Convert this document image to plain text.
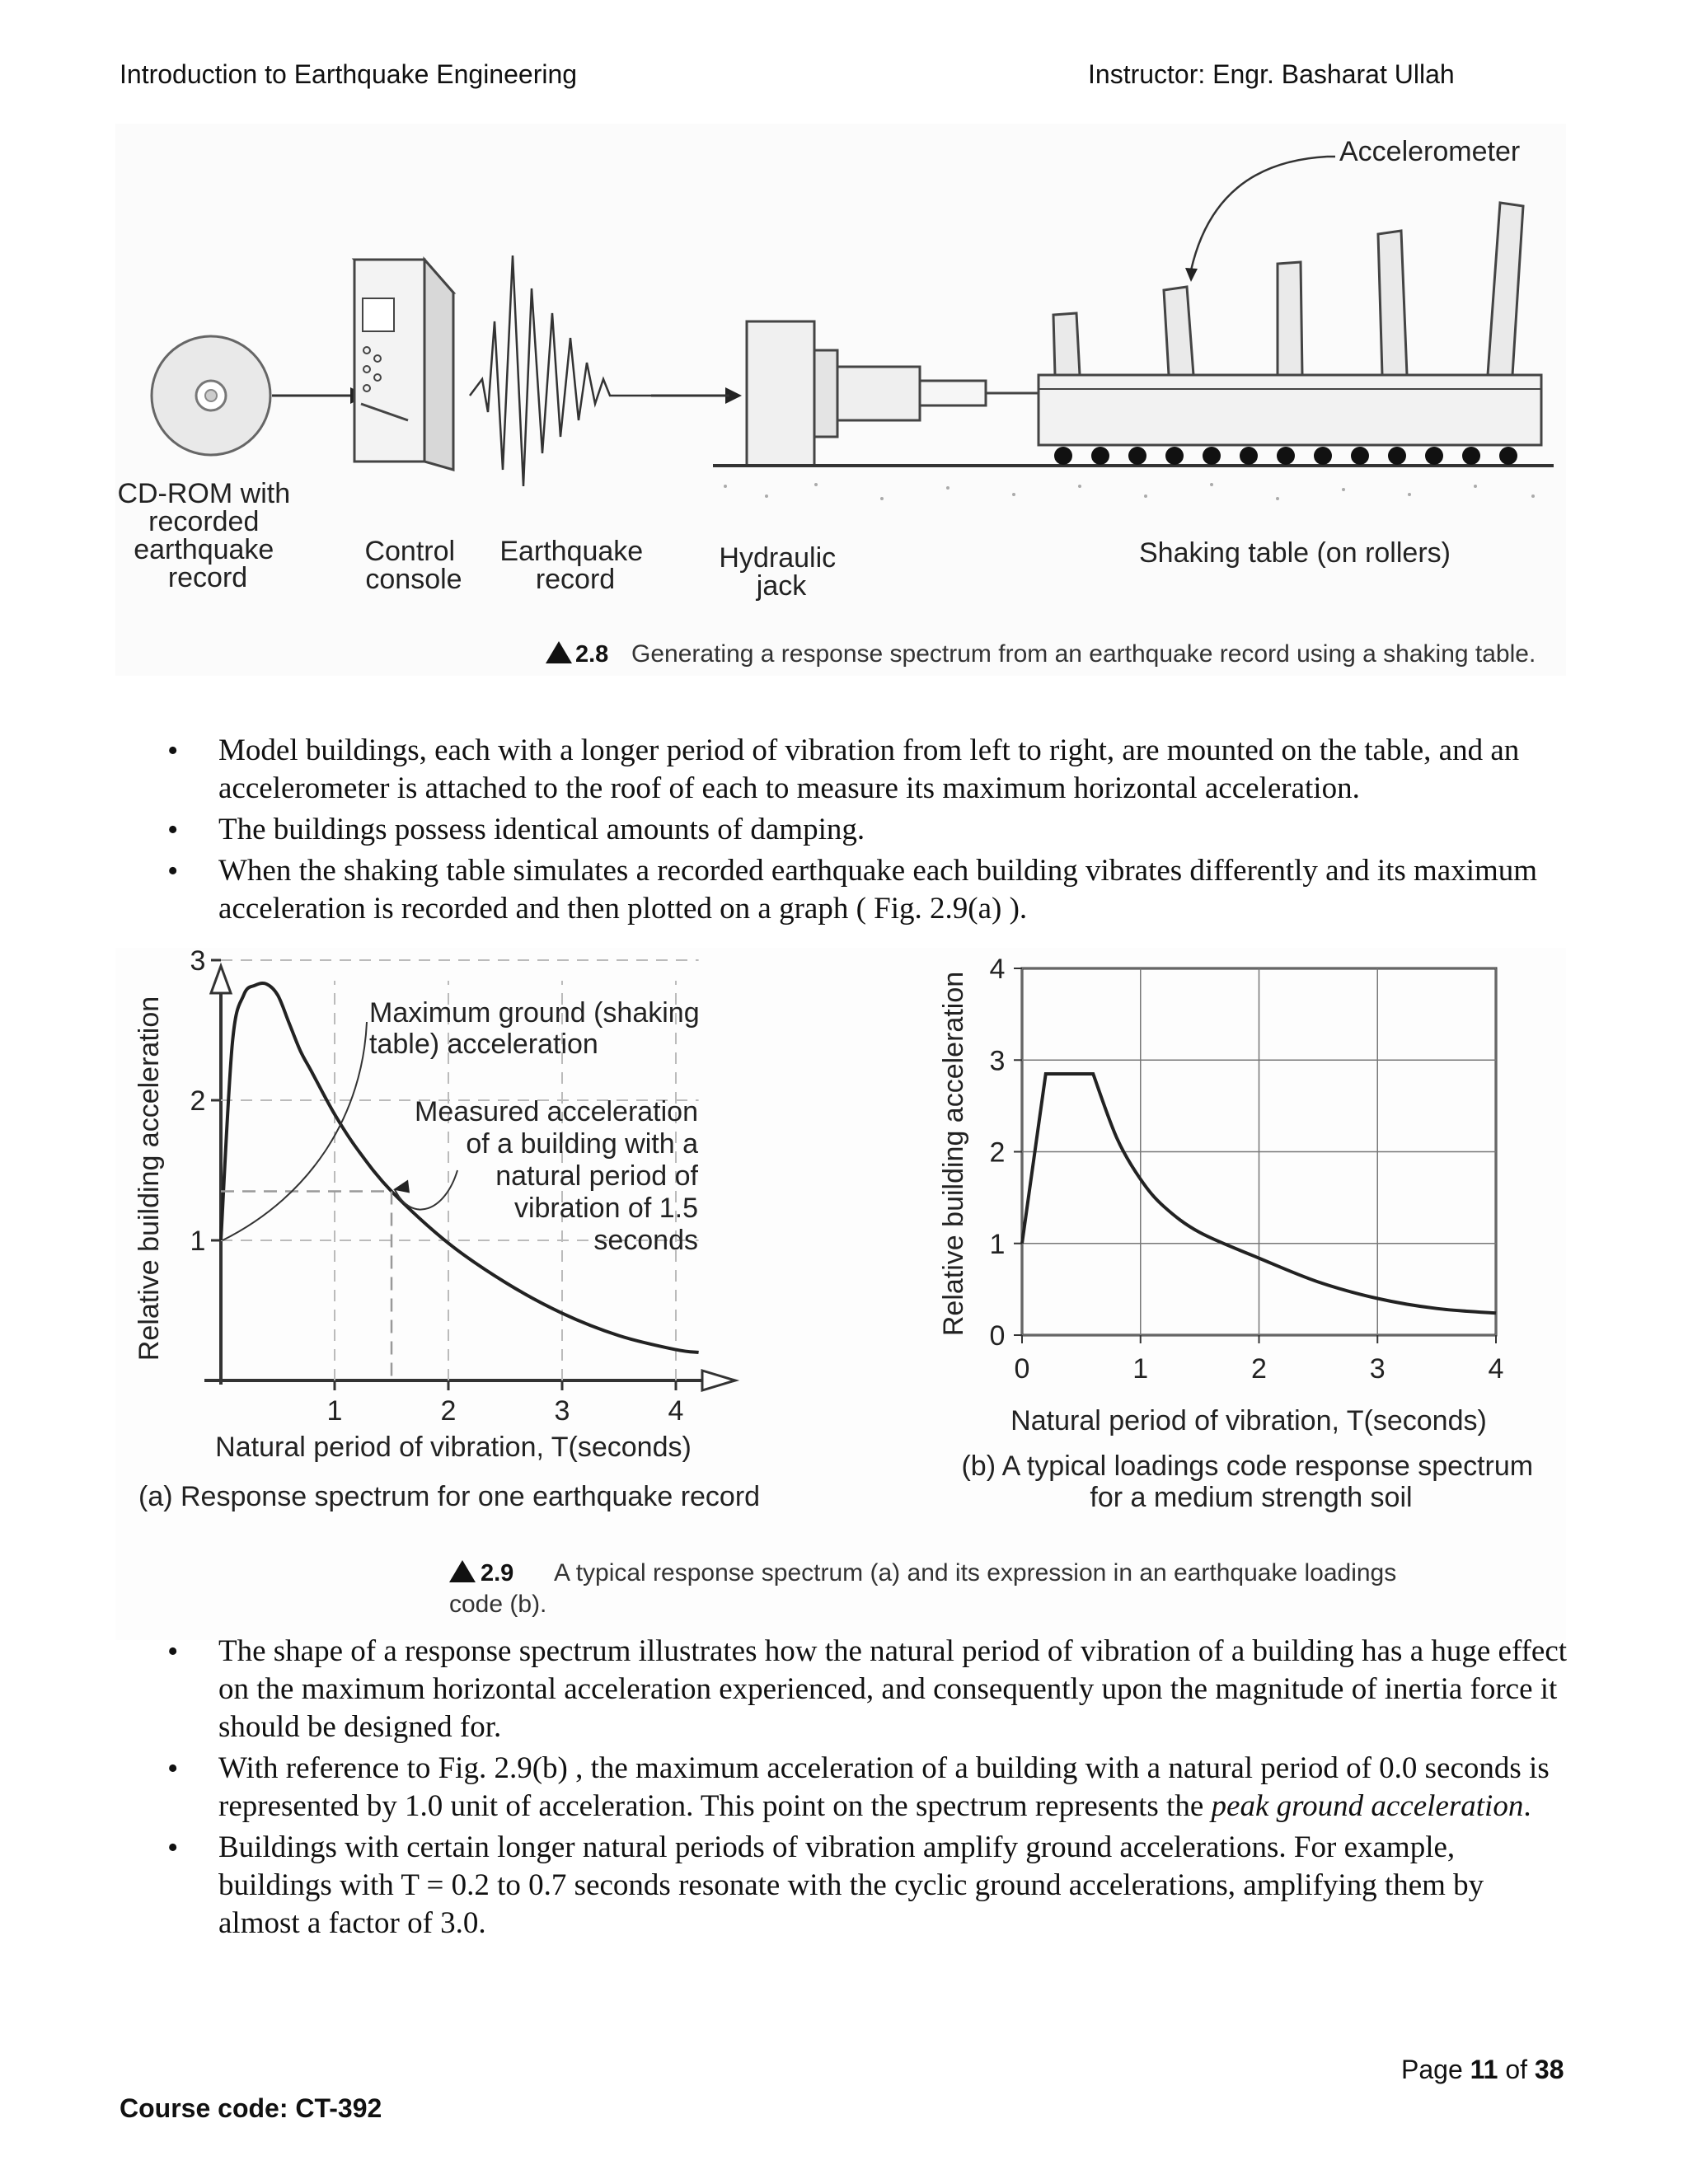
Introduction to Earthquake Engineering	Instructor: Engr. Basharat Ullah
Accelerometer
CD-ROM with recorded earthquake record
Control console
Earthquake record
Hydraulic jack
Shaking table (on rollers)
2.8 Generating a response spectrum from an earthquake record using a shaking table.
• Model buildings, each with a longer period of vibration from left to right, are mounted on the table, and an accelerometer is attached to the roof of each to measure its maximum horizontal acceleration.
• The buildings possess identical amounts of damping.
• When the shaking table simulates a recorded earthquake each building vibrates differently and its maximum acceleration is recorded and then plotted on a graph ( Fig. 2.9(a) ).
1	2	3	4
1
2
3
Maximum ground (shaking table) acceleration
Measured acceleration of a building with a natural period of vibration of 1.5 seconds
Natural period of vibration, T(seconds)
Relative building acceleration
(a) Response spectrum for one earthquake record
0	1	2	3	4
0
1
2
3
4
Natural period of vibration, T(seconds)
Relative building acceleration
(b) A typical loadings code response spectrum for a medium strength soil
2.9	A typical response spectrum (a) and its expression in an earthquake loadings code (b).
• The shape of a response spectrum illustrates how the natural period of vibration of a building has a huge effect on the maximum horizontal acceleration experienced, and consequently upon the magnitude of inertia force it should be designed for.
• With reference to Fig. 2.9(b) , the maximum acceleration of a building with a natural period of 0.0 seconds is represented by 1.0 unit of acceleration. This point on the spectrum represents the peak ground acceleration.
• Buildings with certain longer natural periods of vibration amplify ground accelerations. For example, buildings with T = 0.2 to 0.7 seconds resonate with the cyclic ground accelerations, amplifying them by almost a factor of 3.0.
Page 11 of 38
Course code: CT-392
